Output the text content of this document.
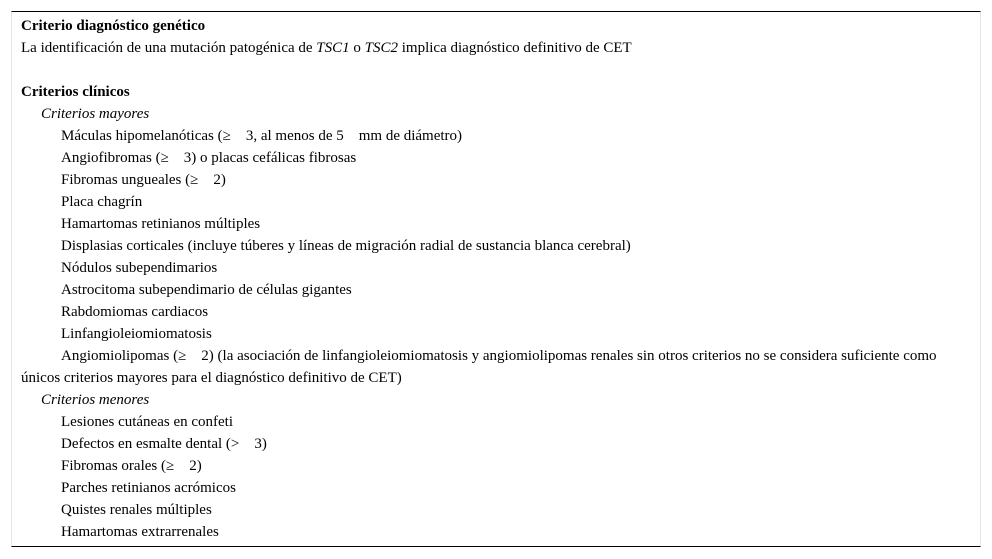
Criterio diagnóstico genético
La identificación de una mutación patogénica de TSC1 o TSC2 implica diagnóstico definitivo de CET
Criterios clínicos
Criterios mayores
Máculas hipomelanóticas (≥ 3, al menos de 5 mm de diámetro)
Angiofibromas (≥ 3) o placas cefálicas fibrosas
Fibromas ungueales (≥ 2)
Placa chagrín
Hamartomas retinianos múltiples
Displasias corticales (incluye túberes y líneas de migración radial de sustancia blanca cerebral)
Nódulos subependimarios
Astrocitoma subependimario de células gigantes
Rabdomiomas cardiacos
Linfangioleiomiomatosis
Angiomiolipomas (≥ 2) (la asociación de linfangioleiomiomatosis y angiomiolipomas renales sin otros criterios no se considera suficiente como únicos criterios mayores para el diagnóstico definitivo de CET)
Criterios menores
Lesiones cutáneas en confeti
Defectos en esmalte dental (> 3)
Fibromas orales (≥ 2)
Parches retinianos acrómicos
Quistes renales múltiples
Hamartomas extrarrenales
